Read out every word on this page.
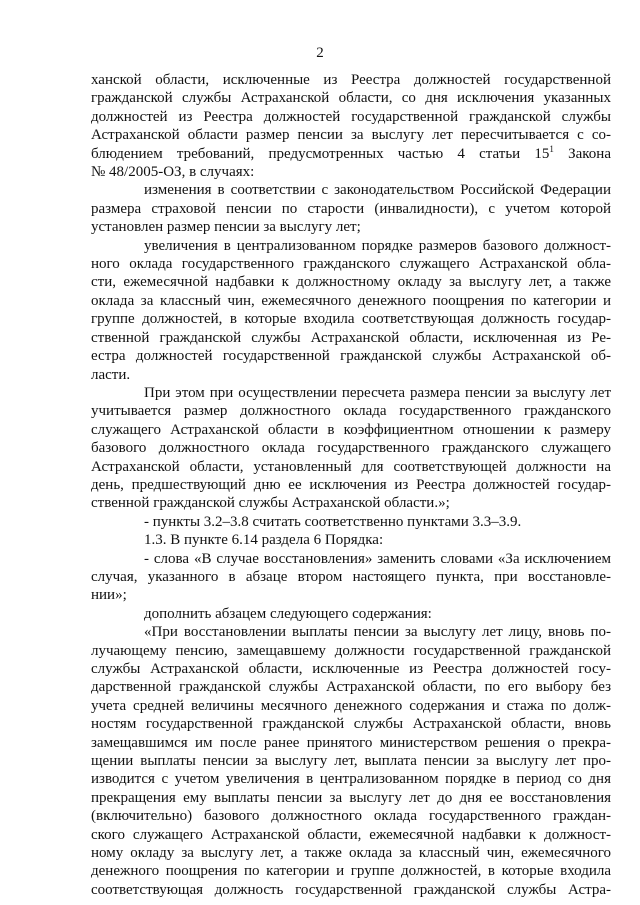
2
ханской области, исключенные из Реестра должностей государственной
гражданской службы Астраханской области, со дня исключения указанных
должностей из Реестра должностей государственной гражданской службы
Астраханской области размер пенсии за выслугу лет пересчитывается с со-
блюдением требований, предусмотренных частью 4 статьи $15^1$ Закона
№ 48/2005-ОЗ, в случаях:
изменения в соответствии с законодательством Российской Федерации
размера страховой пенсии по старости (инвалидности), с учетом которой
установлен размер пенсии за выслугу лет;
увеличения в централизованном порядке размеров базового должност-
ного оклада государственного гражданского служащего Астраханской обла-
сти, ежемесячной надбавки к должностному окладу за выслугу лет, а также
оклада за классный чин, ежемесячного денежного поощрения по категории и
группе должностей, в которые входила соответствующая должность государ-
ственной гражданской службы Астраханской области, исключенная из Ре-
естра должностей государственной гражданской службы Астраханской об-
ласти.
При этом при осуществлении пересчета размера пенсии за выслугу лет
учитывается размер должностного оклада государственного гражданского
служащего Астраханской области в коэффициентном отношении к размеру
базового должностного оклада государственного гражданского служащего
Астраханской области, установленный для соответствующей должности на
день, предшествующий дню ее исключения из Реестра должностей государ-
ственной гражданской службы Астраханской области.»;
- пункты 3.2–3.8 считать соответственно пунктами 3.3–3.9.
1.3. В пункте 6.14 раздела 6 Порядка:
- слова «В случае восстановления» заменить словами «За исключением
случая, указанного в абзаце втором настоящего пункта, при восстановле-
нии»;
дополнить абзацем следующего содержания:
«При восстановлении выплаты пенсии за выслугу лет лицу, вновь по-
лучающему пенсию, замещавшему должности государственной гражданской
службы Астраханской области, исключенные из Реестра должностей госу-
дарственной гражданской службы Астраханской области, по его выбору без
учета средней величины месячного денежного содержания и стажа по долж-
ностям государственной гражданской службы Астраханской области, вновь
замещавшимся им после ранее принятого министерством решения о прекра-
щении выплаты пенсии за выслугу лет, выплата пенсии за выслугу лет про-
изводится с учетом увеличения в централизованном порядке в период со дня
прекращения ему выплаты пенсии за выслугу лет до дня ее восстановления
(включительно) базового должностного оклада государственного граждан-
ского служащего Астраханской области, ежемесячной надбавки к должност-
ному окладу за выслугу лет, а также оклада за классный чин, ежемесячного
денежного поощрения по категории и группе должностей, в которые входила
соответствующая должность государственной гражданской службы Астра-
